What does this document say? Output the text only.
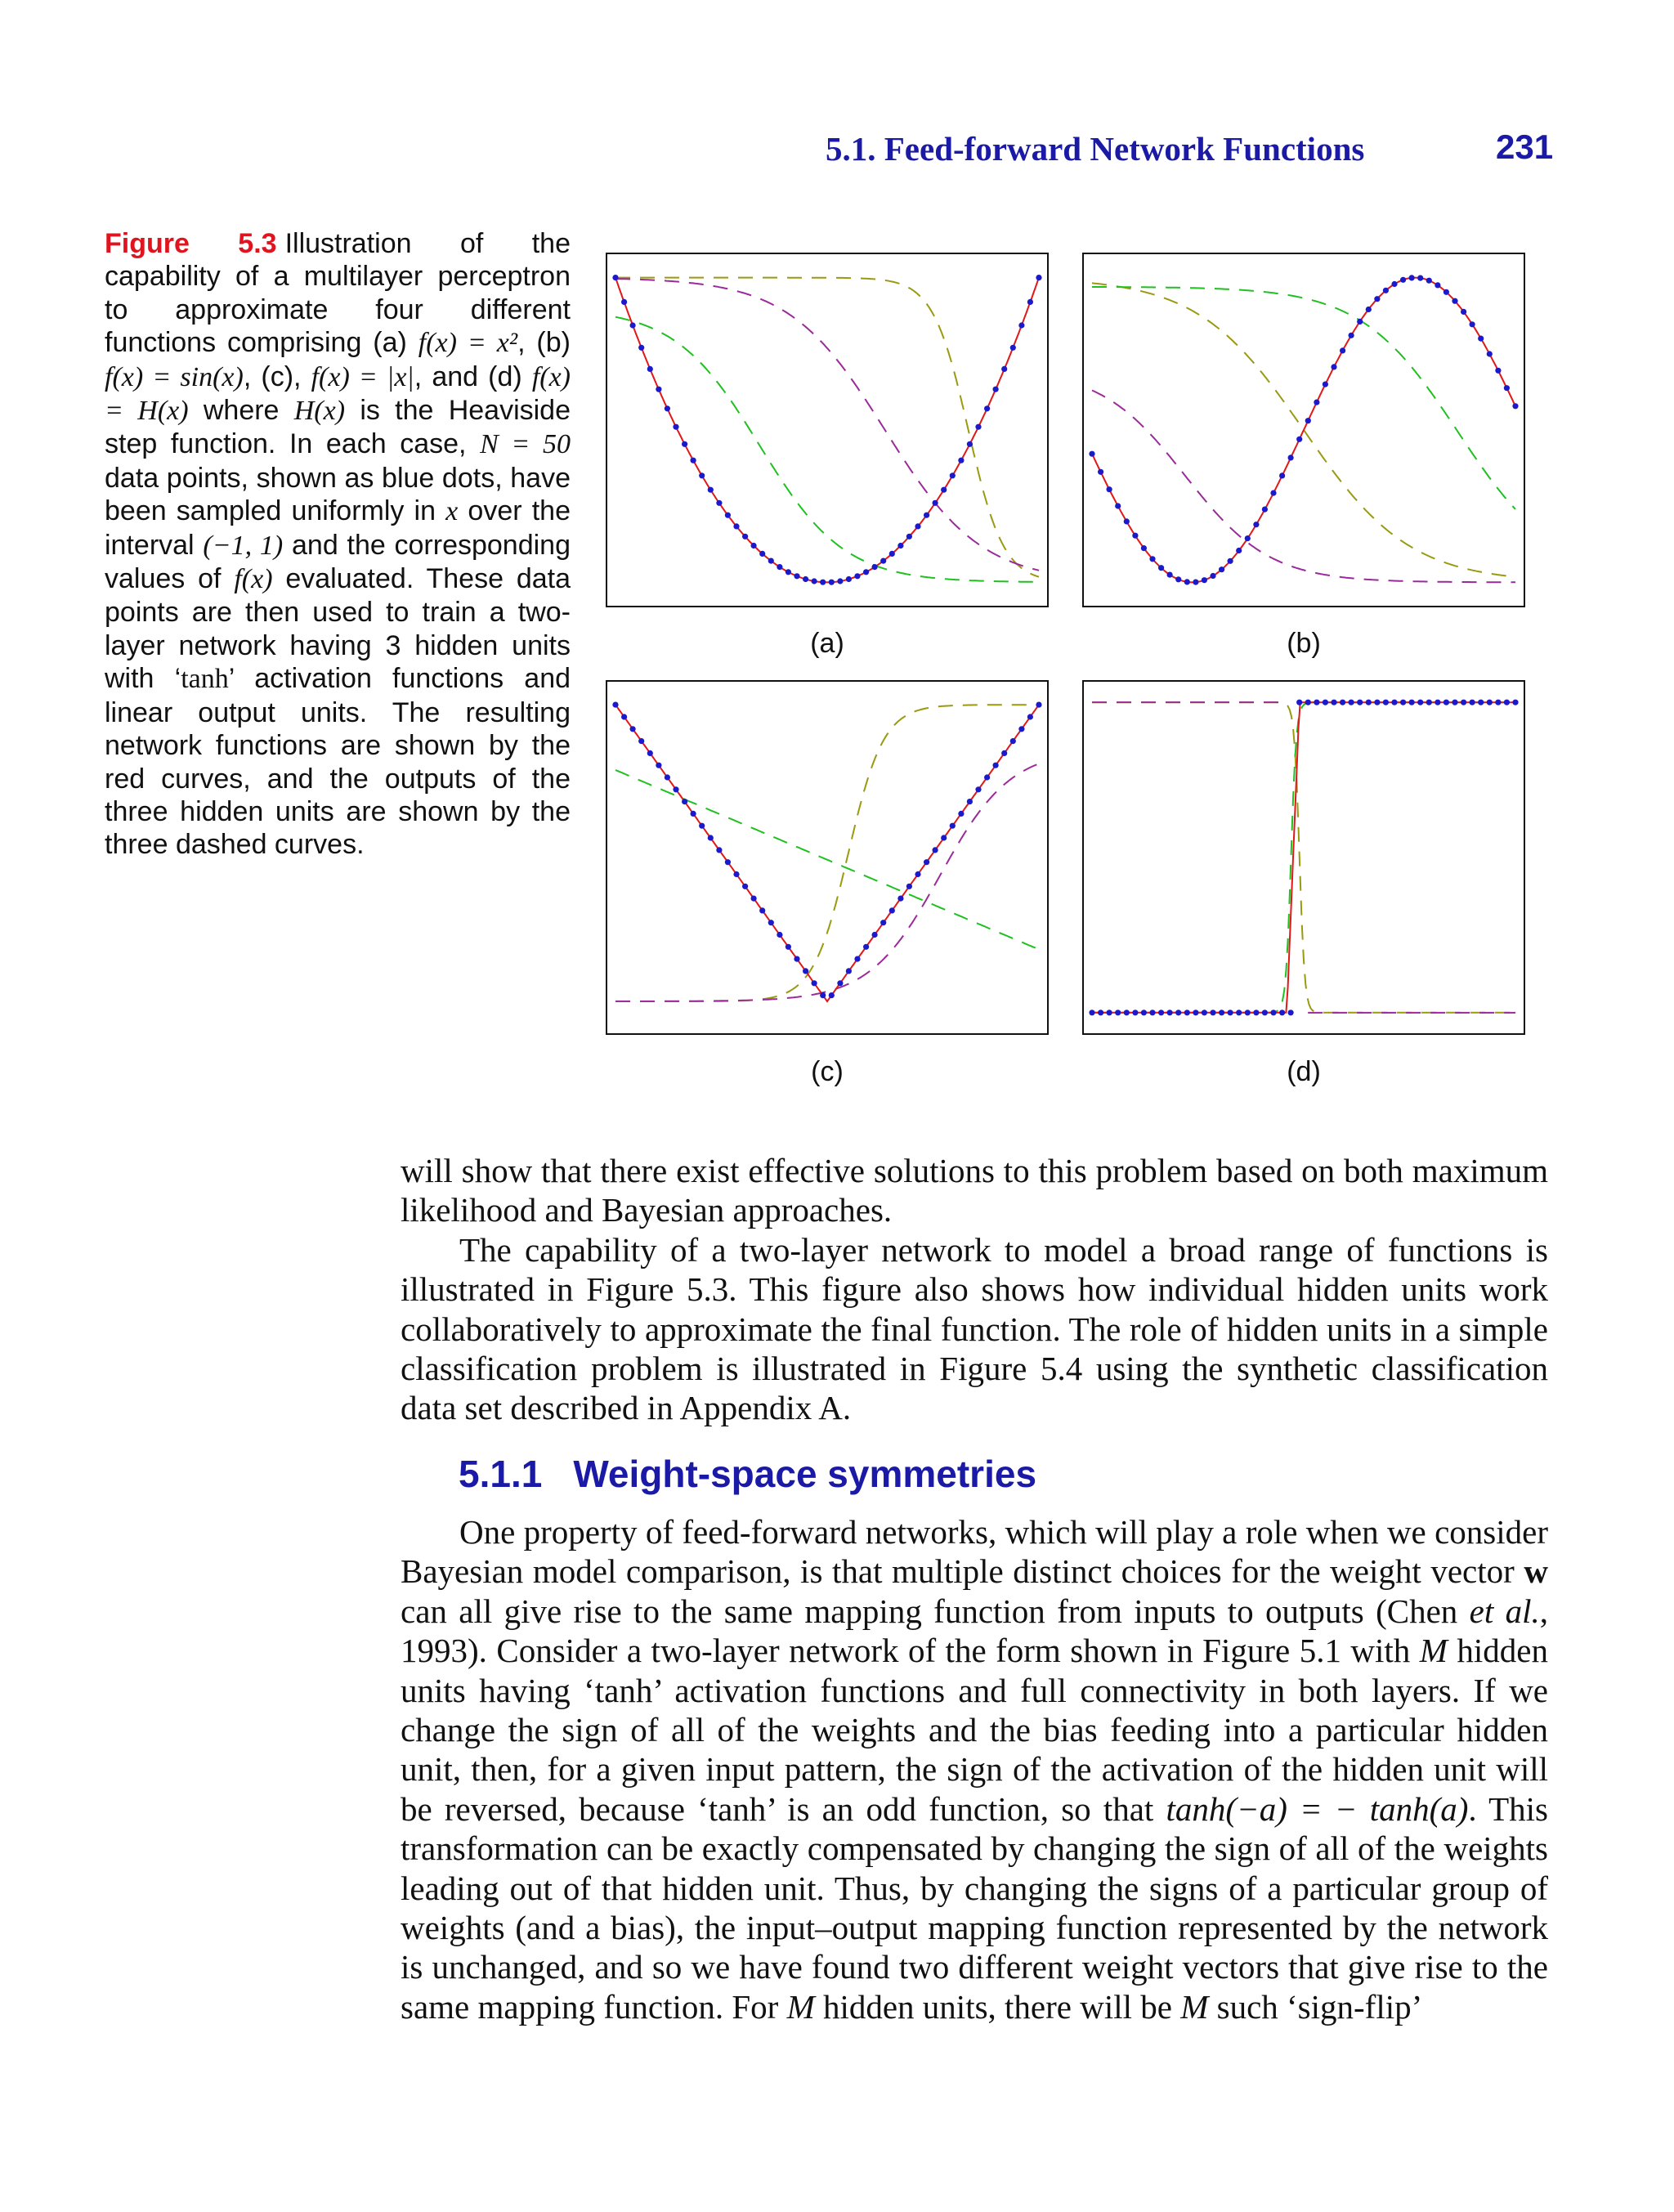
5.1. Feed-forward Network Functions	231
Figure 5.3 Illustration of the capability of a multilayer perceptron to approximate four different functions comprising (a) f(x) = x², (b) f(x) = sin(x), (c), f(x) = |x|, and (d) f(x) = H(x) where H(x) is the Heaviside step function. In each case, N = 50 data points, shown as blue dots, have been sampled uniformly in x over the interval (−1, 1) and the corresponding values of f(x) evaluated. These data points are then used to train a two-layer network having 3 hidden units with ‘tanh’ activation functions and linear output units. The resulting network functions are shown by the red curves, and the outputs of the three hidden units are shown by the three dashed curves.
(a)	(b)
(c)	(d)

will show that there exist effective solutions to this problem based on both maximum likelihood and Bayesian approaches.

The capability of a two-layer network to model a broad range of functions is illustrated in Figure 5.3. This figure also shows how individual hidden units work collaboratively to approximate the final function. The role of hidden units in a simple classification problem is illustrated in Figure 5.4 using the synthetic classification data set described in Appendix A.

5.1.1 Weight-space symmetries

One property of feed-forward networks, which will play a role when we consider Bayesian model comparison, is that multiple distinct choices for the weight vector w can all give rise to the same mapping function from inputs to outputs (Chen et al., 1993). Consider a two-layer network of the form shown in Figure 5.1 with M hidden units having ‘tanh’ activation functions and full connectivity in both layers. If we change the sign of all of the weights and the bias feeding into a particular hidden unit, then, for a given input pattern, the sign of the activation of the hidden unit will be reversed, because ‘tanh’ is an odd function, so that tanh(−a) = − tanh(a). This transformation can be exactly compensated by changing the sign of all of the weights leading out of that hidden unit. Thus, by changing the signs of a particular group of weights (and a bias), the input–output mapping function represented by the network is unchanged, and so we have found two different weight vectors that give rise to the same mapping function. For M hidden units, there will be M such ‘sign-flip’
